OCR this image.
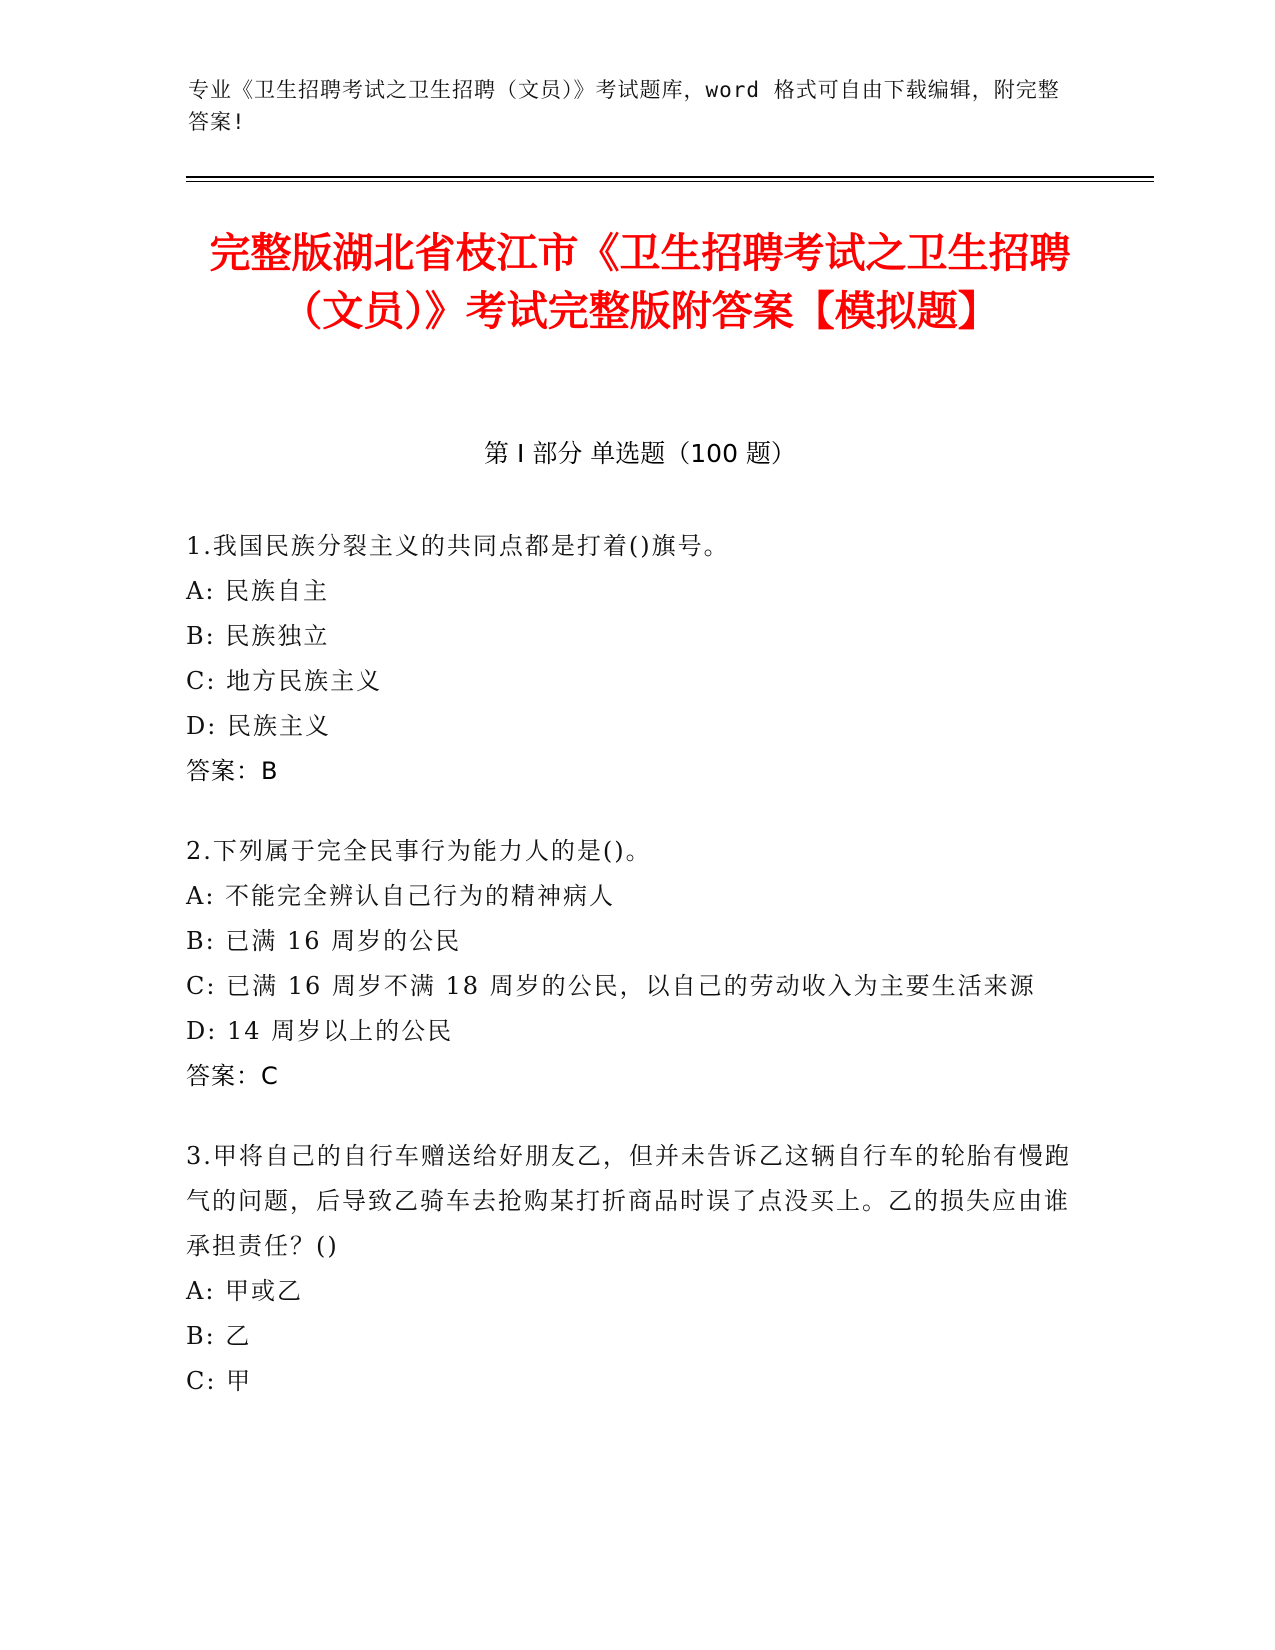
专业《卫生招聘考试之卫生招聘（文员）》考试题库，word 格式可自由下载编辑，附完整答案!
完整版湖北省枝江市《卫生招聘考试之卫生招聘（文员）》考试完整版附答案【模拟题】
第 I 部分 单选题（100 题）

1.我国民族分裂主义的共同点都是打着()旗号。

A: 民族自主

B: 民族独立

C: 地方民族主义

D: 民族主义

答案：B

2.下列属于完全民事行为能力人的是()。

A: 不能完全辨认自己行为的精神病人

B: 已满 16 周岁的公民

C: 已满 16 周岁不满 18 周岁的公民，以自己的劳动收入为主要生活来源

D: 14 周岁以上的公民

答案：C

3.甲将自己的自行车赠送给好朋友乙，但并未告诉乙这辆自行车的轮胎有慢跑气的问题，后导致乙骑车去抢购某打折商品时误了点没买上。乙的损失应由谁承担责任？()

A: 甲或乙

B: 乙

C: 甲
